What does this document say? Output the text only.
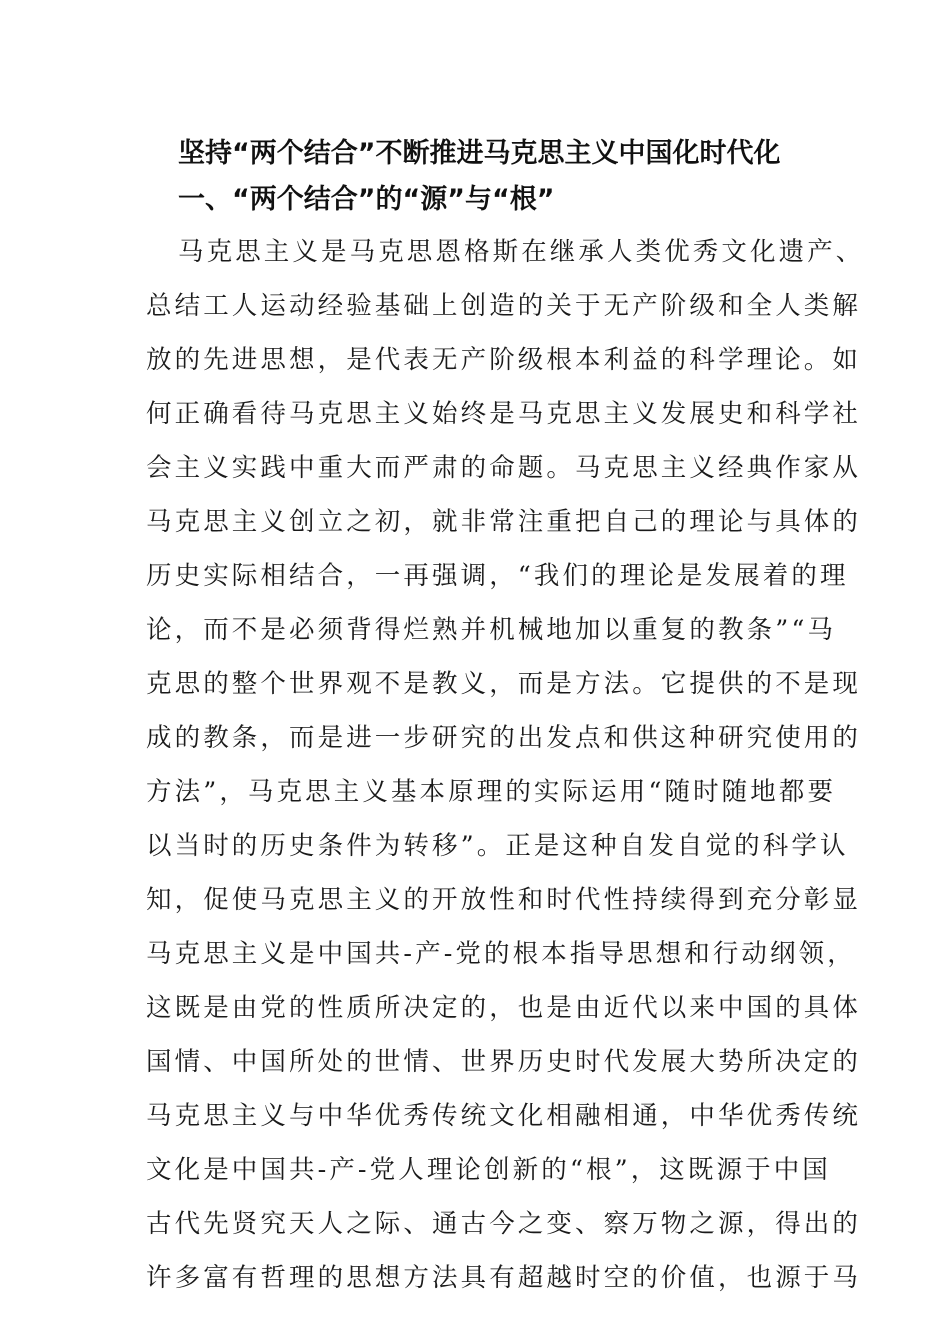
坚持“两个结合”不断推进马克思主义中国化时代化
一、“两个结合”的“源”与“根”
马克思主义是马克思恩格斯在继承人类优秀文化遗产、
总结工人运动经验基础上创造的关于无产阶级和全人类解
放的先进思想，是代表无产阶级根本利益的科学理论。如
何正确看待马克思主义始终是马克思主义发展史和科学社
会主义实践中重大而严肃的命题。马克思主义经典作家从
马克思主义创立之初，就非常注重把自己的理论与具体的
历史实际相结合，一再强调，“我们的理论是发展着的理
论，而不是必须背得烂熟并机械地加以重复的教条”“马
克思的整个世界观不是教义，而是方法。它提供的不是现
成的教条，而是进一步研究的出发点和供这种研究使用的
方法”，马克思主义基本原理的实际运用“随时随地都要
以当时的历史条件为转移”。正是这种自发自觉的科学认
知，促使马克思主义的开放性和时代性持续得到充分彰显
马克思主义是中国共-产-党的根本指导思想和行动纲领，
这既是由党的性质所决定的，也是由近代以来中国的具体
国情、中国所处的世情、世界历史时代发展大势所决定的
马克思主义与中华优秀传统文化相融相通，中华优秀传统
文化是中国共-产-党人理论创新的“根”，这既源于中国
古代先贤究天人之际、通古今之变、察万物之源，得出的
许多富有哲理的思想方法具有超越时空的价值，也源于马
